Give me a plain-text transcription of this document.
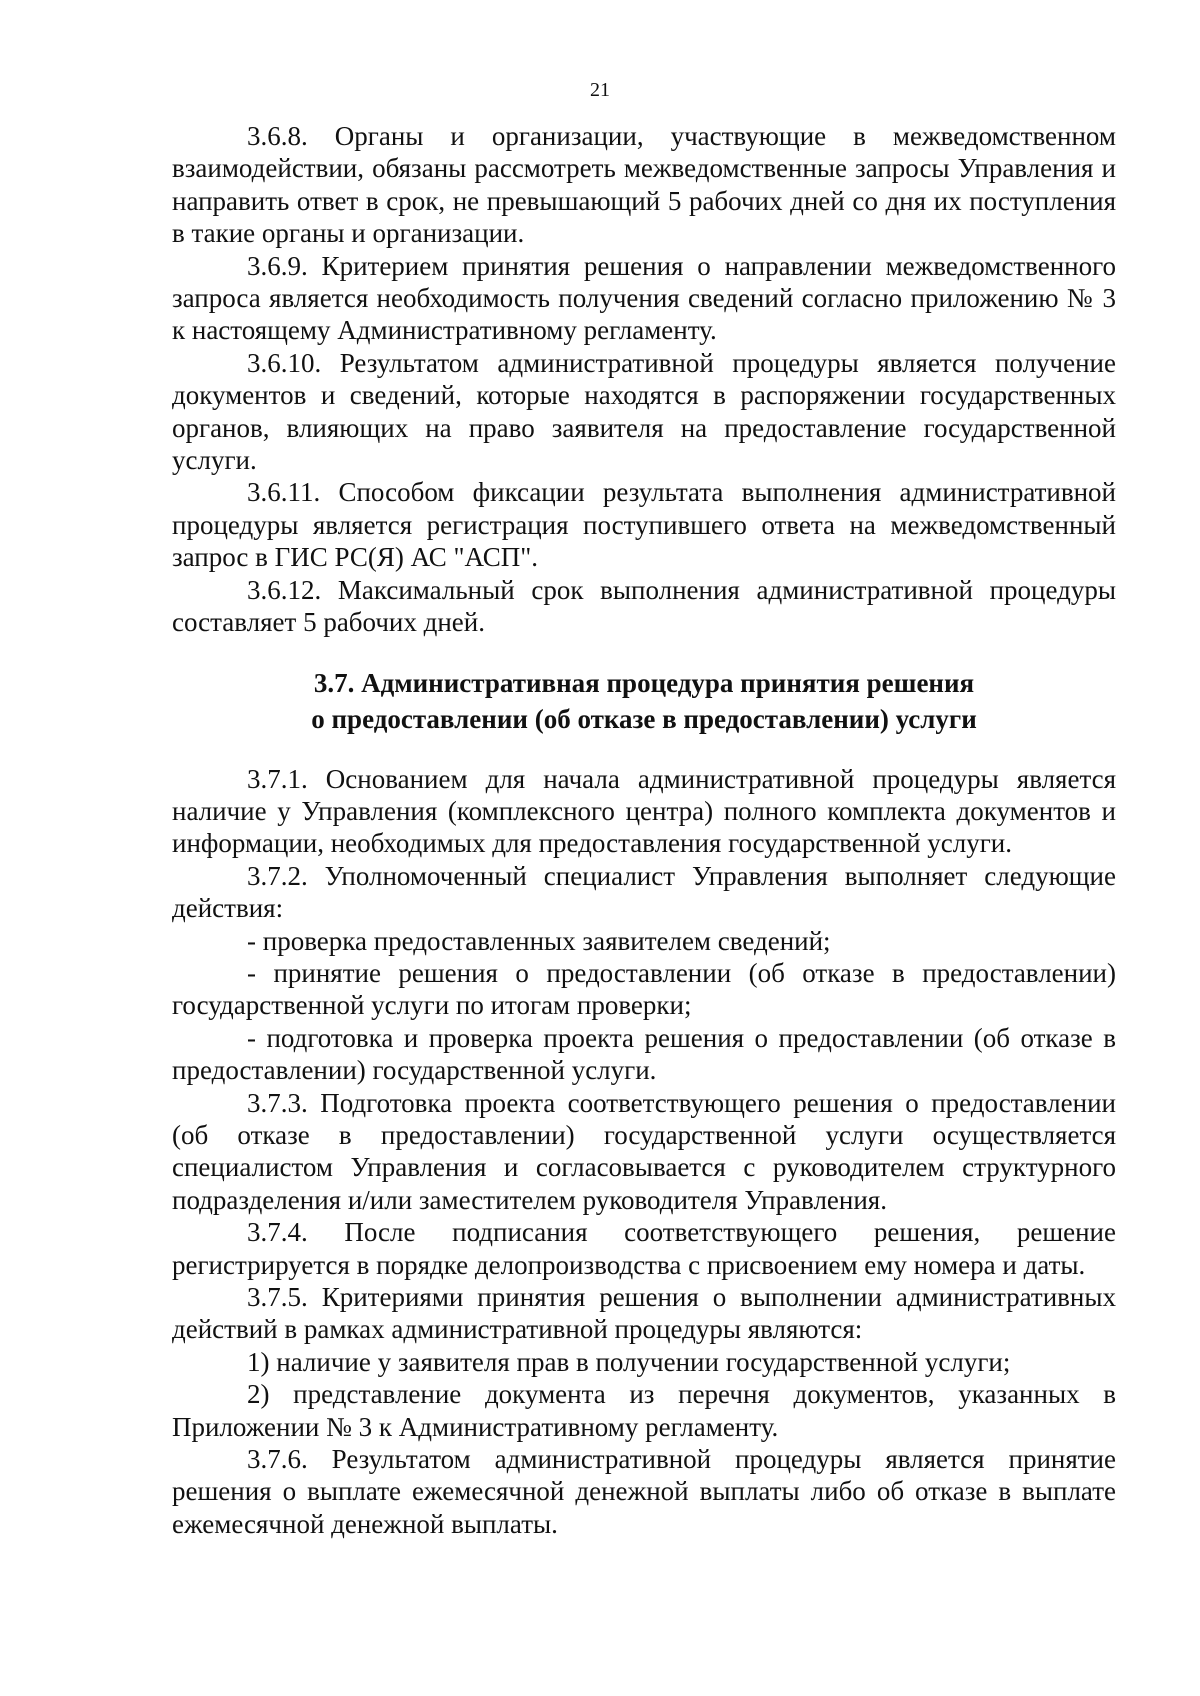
21

3.6.8. Органы и организации, участвующие в межведомственном взаимодействии, обязаны рассмотреть межведомственные запросы Управления и направить ответ в срок, не превышающий 5 рабочих дней со дня их поступления в такие органы и организации.

3.6.9. Критерием принятия решения о направлении межведомственного запроса является необходимость получения сведений согласно приложению № 3 к настоящему Административному регламенту.

3.6.10. Результатом административной процедуры является получение документов и сведений, которые находятся в распоряжении государственных органов, влияющих на право заявителя на предоставление государственной услуги.

3.6.11. Способом фиксации результата выполнения административной процедуры является регистрация поступившего ответа на межведомственный запрос в ГИС РС(Я) АС "АСП".

3.6.12. Максимальный срок выполнения административной процедуры составляет 5 рабочих дней.

3.7. Административная процедура принятия решения
о предоставлении (об отказе в предоставлении) услуги

3.7.1. Основанием для начала административной процедуры является наличие у Управления (комплексного центра) полного комплекта документов и информации, необходимых для предоставления государственной услуги.

3.7.2. Уполномоченный специалист Управления выполняет следующие действия:

- проверка предоставленных заявителем сведений;

- принятие решения о предоставлении (об отказе в предоставлении) государственной услуги по итогам проверки;

- подготовка и проверка проекта решения о предоставлении (об отказе в предоставлении) государственной услуги.

3.7.3. Подготовка проекта соответствующего решения о предоставлении (об отказе в предоставлении) государственной услуги осуществляется специалистом Управления и согласовывается с руководителем структурного подразделения и/или заместителем руководителя Управления.

3.7.4. После подписания соответствующего решения, решение регистрируется в порядке делопроизводства с присвоением ему номера и даты.

3.7.5. Критериями принятия решения о выполнении административных действий в рамках административной процедуры являются:

1) наличие у заявителя прав в получении государственной услуги;

2) представление документа из перечня документов, указанных в Приложении № 3 к Административному регламенту.

3.7.6. Результатом административной процедуры является принятие решения о выплате ежемесячной денежной выплаты либо об отказе в выплате ежемесячной денежной выплаты.
